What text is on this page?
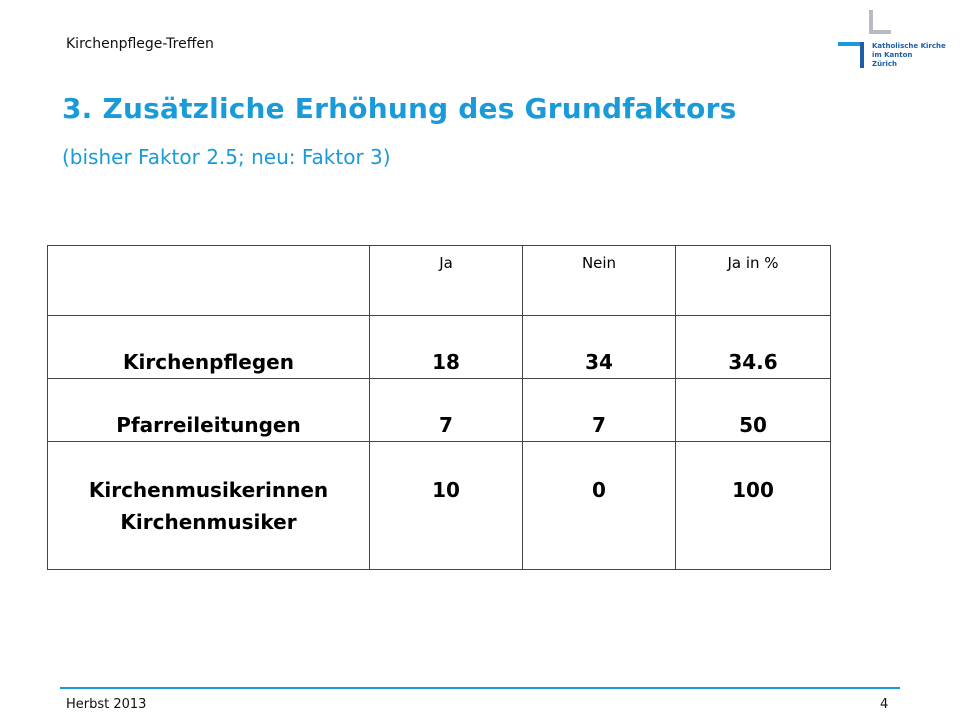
Kirchenpflege-Treffen	Katholische Kirche
im Kanton
Zürich
3. Zusätzliche Erhöhung des Grundfaktors
(bisher Faktor 2.5; neu: Faktor 3)
	Ja	Nein	Ja in %
Kirchenpflegen	18	34	34.6
Pfarreileitungen	7	7	50

Kirchenmusikerinnen
Kirchenmusiker	10	0	100
Herbst 2013	4
